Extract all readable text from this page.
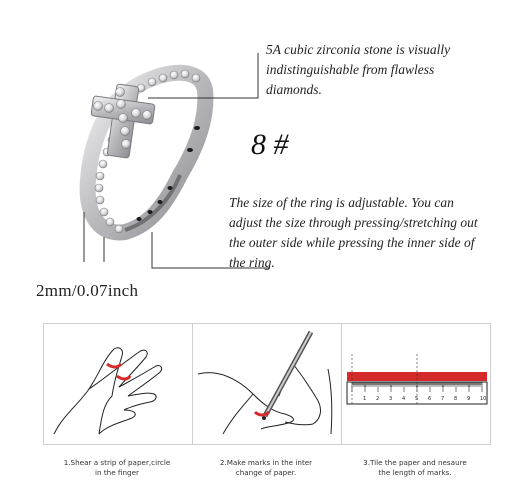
5A cubic zirconia stone is visually indistinguishable from flawless diamonds.
8 #
The size of the ring is adjustable. You can adjust the size through pressing/stretching out the outer side while pressing the inner side of the ring.
2mm/0.07inch
1 2 3 4 5 6 7 8 9 10
1.Shear a strip of paper,circle
in the finger
2.Make marks in the inter
change of paper.
3.Tile the paper and nesaure
the length of marks.
